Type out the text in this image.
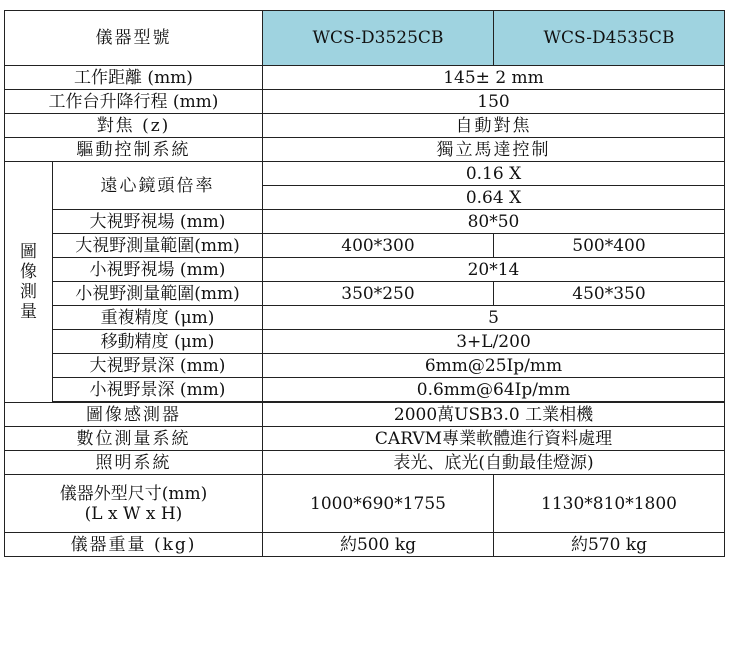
儀器型號		WCS-D3525CB	WCS-D4535CB
工作距離 (mm)		145± 2 mm	
工作台升降行程 (mm)		150	
對焦 (z)		自動對焦	
驅動控制系統		獨立馬達控制	
圖
像
測
量	遠心鏡頭倍率	0.16 X	
		0.64 X	
	大視野視場 (mm)	80*50	
	大視野測量範圍(mm)	400*300	500*400
	小視野視場 (mm)	20*14	
	小視野測量範圍(mm)	350*250	450*350
	重複精度 (μm)	5	
	移動精度 (μm)	3+L/200	
	大視野景深 (mm)	6mm@25Ip/mm	
	小視野景深 (mm)	0.6mm@64Ip/mm	

圖像感測器		2000萬USB3.0 工業相機	
數位測量系統		CARVM專業軟體進行資料處理	
照明系統		表光、底光(自動最佳燈源)	
儀器外型尺寸(mm)
(L x W x H)		1000*690*1755	1130*810*1800
儀器重量 (kg)		約500 kg	約570 kg
